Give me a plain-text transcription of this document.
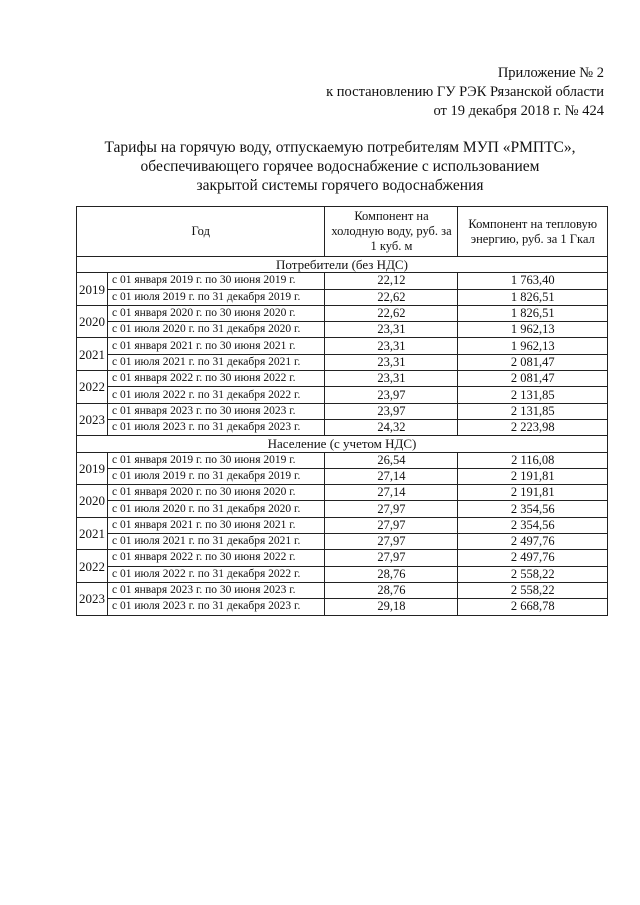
Приложение № 2
к постановлению ГУ РЭК Рязанской области
от 19 декабря 2018 г. № 424
Тарифы на горячую воду, отпускаемую потребителям МУП «РМПТС»,
обеспечивающего горячее водоснабжение с использованием
закрытой системы горячего водоснабжения
Год		Компонент на холодную воду, руб. за 1 куб. м	Компонент на тепловую энергию, руб. за 1 Гкал
Потребители (без НДС)			
2019	с 01 января 2019 г. по 30 июня 2019 г.	22,12	1 763,40
	с 01 июля 2019 г. по 31 декабря 2019 г.	22,62	1 826,51
2020	с 01 января 2020 г. по 30 июня 2020 г.	22,62	1 826,51
	с 01 июля 2020 г. по 31 декабря 2020 г.	23,31	1 962,13
2021	с 01 января 2021 г. по 30 июня 2021 г.	23,31	1 962,13
	с 01 июля 2021 г. по 31 декабря 2021 г.	23,31	2 081,47
2022	с 01 января 2022 г. по 30 июня 2022 г.	23,31	2 081,47
	с 01 июля 2022 г. по 31 декабря 2022 г.	23,97	2 131,85
2023	с 01 января 2023 г. по 30 июня 2023 г.	23,97	2 131,85
	с 01 июля 2023 г. по 31 декабря 2023 г.	24,32	2 223,98
Население (с учетом НДС)			
2019	с 01 января 2019 г. по 30 июня 2019 г.	26,54	2 116,08
	с 01 июля 2019 г. по 31 декабря 2019 г.	27,14	2 191,81
2020	с 01 января 2020 г. по 30 июня 2020 г.	27,14	2 191,81
	с 01 июля 2020 г. по 31 декабря 2020 г.	27,97	2 354,56
2021	с 01 января 2021 г. по 30 июня 2021 г.	27,97	2 354,56
	с 01 июля 2021 г. по 31 декабря 2021 г.	27,97	2 497,76
2022	с 01 января 2022 г. по 30 июня 2022 г.	27,97	2 497,76
	с 01 июля 2022 г. по 31 декабря 2022 г.	28,76	2 558,22
2023	с 01 января 2023 г. по 30 июня 2023 г.	28,76	2 558,22
	с 01 июля 2023 г. по 31 декабря 2023 г.	29,18	2 668,78
